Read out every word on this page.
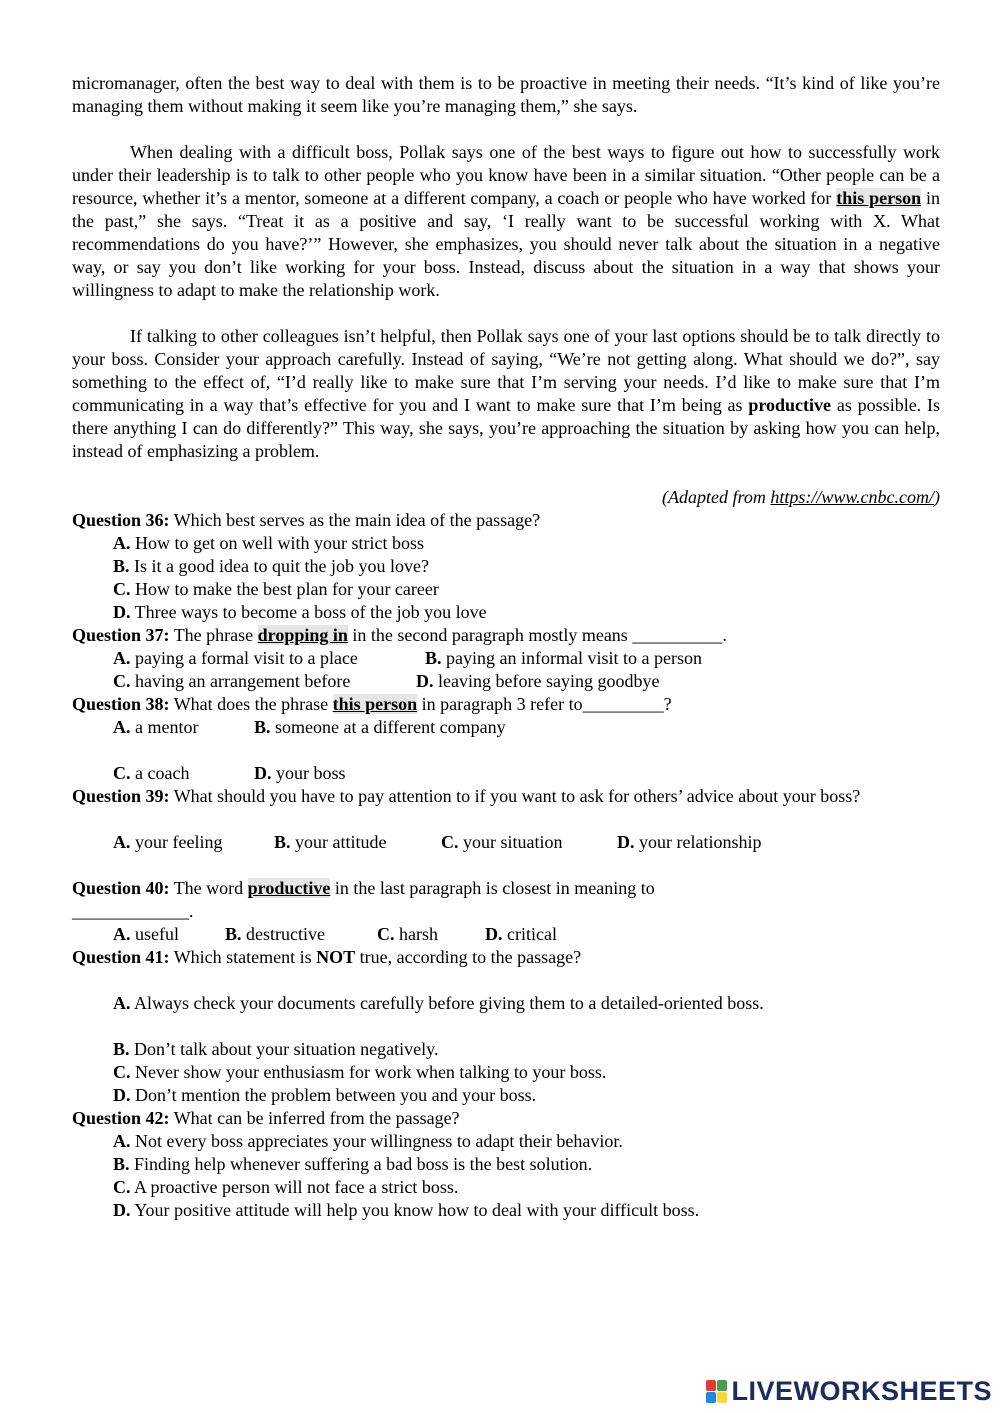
micromanager, often the best way to deal with them is to be proactive in meeting their needs. “It’s kind of like you’re managing them without making it seem like you’re managing them,” she says.

When dealing with a difficult boss, Pollak says one of the best ways to figure out how to successfully work under their leadership is to talk to other people who you know have been in a similar situation. “Other people can be a resource, whether it’s a mentor, someone at a different company, a coach or people who have worked for this person in the past,” she says. “Treat it as a positive and say, ‘I really want to be successful working with X. What recommendations do you have?’” However, she emphasizes, you should never talk about the situation in a negative way, or say you don’t like working for your boss. Instead, discuss about the situation in a way that shows your willingness to adapt to make the relationship work.

If talking to other colleagues isn’t helpful, then Pollak says one of your last options should be to talk directly to your boss. Consider your approach carefully. Instead of saying, “We’re not getting along. What should we do?”, say something to the effect of, “I’d really like to make sure that I’m serving your needs. I’d like to make sure that I’m communicating in a way that’s effective for you and I want to make sure that I’m being as productive as possible. Is there anything I can do differently?” This way, she says, you’re approaching the situation by asking how you can help, instead of emphasizing a problem.

(Adapted from https://www.cnbc.com/)

Question 36: Which best serves as the main idea of the passage?

A. How to get on well with your strict boss

B. Is it a good idea to quit the job you love?

C. How to make the best plan for your career

D. Three ways to become a boss of the job you love

Question 37: The phrase dropping in in the second paragraph mostly means __________.

A. paying a formal visit to a place	B. paying an informal visit to a person

C. having an arrangement before	D. leaving before saying goodbye

Question 38: What does the phrase this person in paragraph 3 refer to_________?

A. a mentor	B. someone at a different company

C. a coach	D. your boss

Question 39: What should you have to pay attention to if you want to ask for others’ advice about your boss?

A. your feeling	B. your attitude	C. your situation	D. your relationship

Question 40: The word productive in the last paragraph is closest in meaning to

_____________.

A. useful	B. destructive	C. harsh	D. critical

Question 41: Which statement is NOT true, according to the passage?

A. Always check your documents carefully before giving them to a detailed-oriented boss.

B. Don’t talk about your situation negatively.

C. Never show your enthusiasm for work when talking to your boss.

D. Don’t mention the problem between you and your boss.

Question 42: What can be inferred from the passage?

A. Not every boss appreciates your willingness to adapt their behavior.

B. Finding help whenever suffering a bad boss is the best solution.

C. A proactive person will not face a strict boss.

D. Your positive attitude will help you know how to deal with your difficult boss.

LIVEWORKSHEETS
